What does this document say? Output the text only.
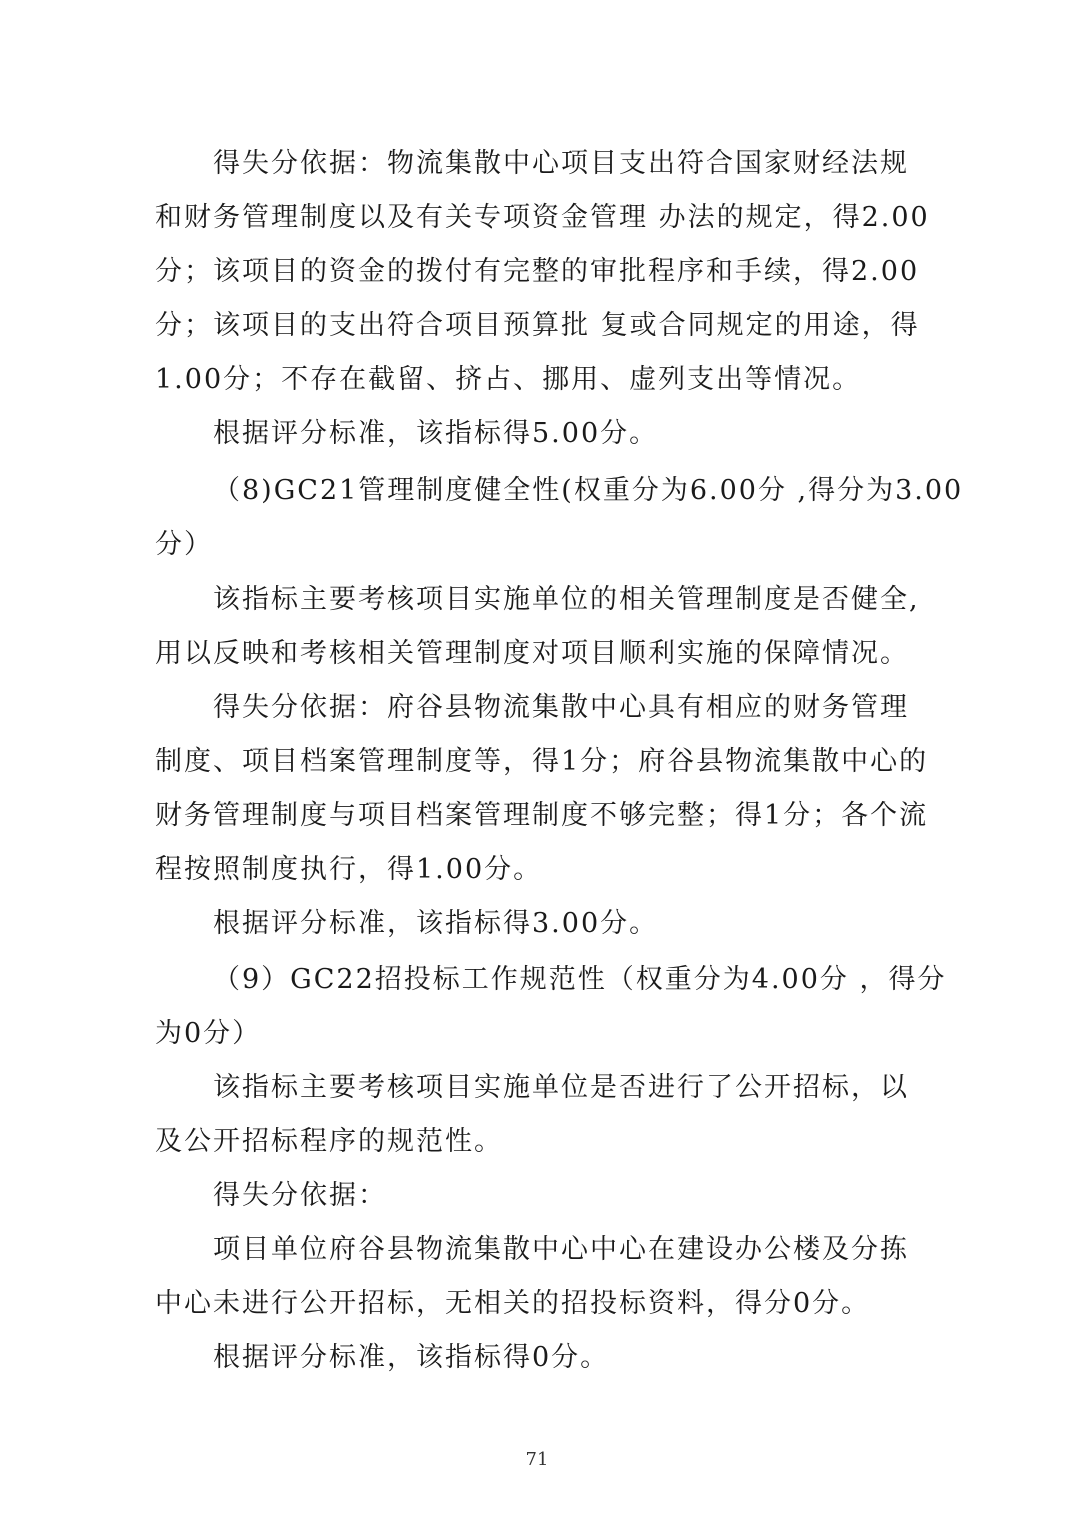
得失分依据：物流集散中心项目支出符合国家财经法规
和财务管理制度以及有关专项资金管理 办法的规定，得2.00
分；该项目的资金的拨付有完整的审批程序和手续，得2.00
分；该项目的支出符合项目预算批 复或合同规定的用途，得
1.00分；不存在截留、挤占、挪用、虚列支出等情况。
根据评分标准，该指标得5.00分。
（8)GC21管理制度健全性(权重分为6.00分 ,得分为3.00
分）
该指标主要考核项目实施单位的相关管理制度是否健全,
用以反映和考核相关管理制度对项目顺利实施的保障情况。
得失分依据：府谷县物流集散中心具有相应的财务管理
制度、项目档案管理制度等，得1分；府谷县物流集散中心的
财务管理制度与项目档案管理制度不够完整；得1分；各个流
程按照制度执行，得1.00分。
根据评分标准，该指标得3.00分。
（9）GC22招投标工作规范性（权重分为4.00分 ，得分
为0分）
该指标主要考核项目实施单位是否进行了公开招标，以
及公开招标程序的规范性。
得失分依据：
项目单位府谷县物流集散中心中心在建设办公楼及分拣
中心未进行公开招标，无相关的招投标资料，得分0分。
根据评分标准，该指标得0分。
71
